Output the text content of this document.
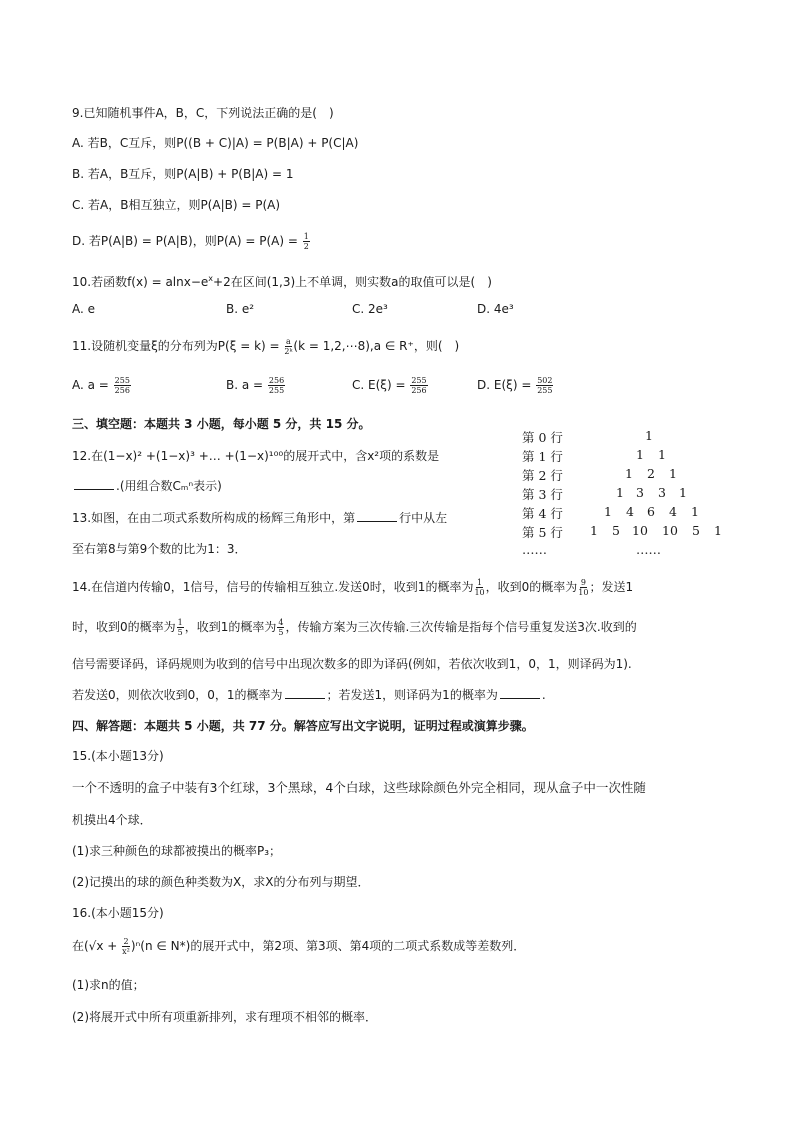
9.已知随机事件A，B，C，下列说法正确的是(　)
A. 若B，C互斥，则P((B + C)|A) = P(B|A) + P(C|A)
B. 若A，B互斥，则P(A|B) + P(B|A) = 1
C. 若A，B相互独立，则P(A|B) = P(A)
D. 若P(A|B) = P(A|B)，则$P(A) = P(A) = \frac{1}{2}$
10.若函数$f(x) = alnx-e^x+2$在区间(1,3)上不单调，则实数a的取值可以是(　)
A. e	B. e²	C. 2e³	D. 4e³
11.设随机变量ξ的分布列为$P(\xi = k) = \frac{a}{\text{2ᵏ}} (k$ = 1,2,⋯8),a ∈ R⁺，则(　)
A. $a = \frac{255}{256}$	B. $a = \frac{256}{255}$	C. $E(\xi) = \frac{255}{256}$	D. $E(\xi) = \frac{502}{255}$
三、填空题：本题共 3 小题，每小题 5 分，共 15 分。
12.在(1−x)² +(1−x)³ +… +(1−x)¹⁰⁰的展开式中，含x²项的系数是
.(用组合数Cₘⁿ表示)
13.如图，在由二项式系数所构成的杨辉三角形中，第	行中从左
至右第8与第9个数的比为1：3．
第 0 行	1
第 1 行	1 1
第 2 行	1 2 1
第 3 行	1 3 3 1
第 4 行	1 4 6 4 1
第 5 行 1 5 10 10 5 1
……	……
14.在信道内传输0，1信号，信号的传输相互独立.发送0时，收到1的概率为 $\frac{1}{10}$ ，收到0的概率为 $\frac{9}{10}$ ；发送1
时，收到0的概率为 $\frac{1}{5}$ ，收到1的概率为 $\frac{4}{5}$ ，传输方案为三次传输.三次传输是指每个信号重复发送3次.收到的
信号需要译码，译码规则为收到的信号中出现次数多的即为译码(例如，若依次收到1，0，1，则译码为1).
若发送0，则依次收到0，0，1的概率为	；若发送1，则译码为1的概率为	.
四、解答题：本题共 5 小题，共 77 分。解答应写出文字说明，证明过程或演算步骤。
15.(本小题13分)
一个不透明的盒子中装有3个红球，3个黑球，4个白球，这些球除颜色外完全相同，现从盒子中一次性随
机摸出4个球．
(1)求三种颜色的球都被摸出的概率P₃；
(2)记摸出的球的颜色种类数为X，求X的分布列与期望．
16.(本小题15分)
在$(√x + \frac{2}{\text{x²}} )^n(n$ ∈ N*)的展开式中，第2项、第3项、第4项的二项式系数成等差数列．
(1)求n的值；
(2)将展开式中所有项重新排列，求有理项不相邻的概率．
